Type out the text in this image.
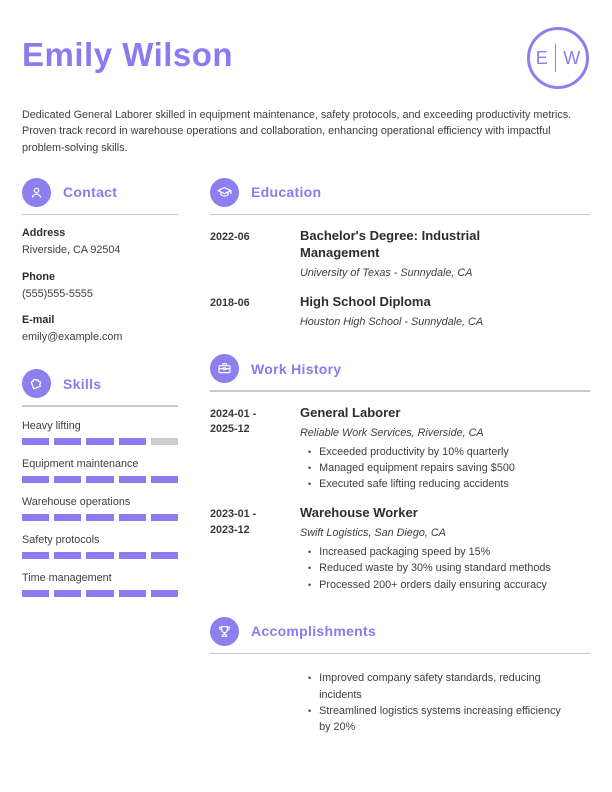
Emily Wilson	E W

Dedicated General Laborer skilled in equipment maintenance, safety protocols, and exceeding productivity metrics. Proven track record in warehouse operations and collaboration, enhancing operational efficiency with impactful problem-solving skills.

Contact
Address
Riverside, CA 92504
Phone
(555)555-5555
E-mail
emily@example.com
Skills
Heavy lifting
Equipment maintenance
Warehouse operations
Safety protocols
Time management
Education
2022-06	Bachelor's Degree: Industrial Management
University of Texas - Sunnydale, CA
2018-06	High School Diploma
Houston High School - Sunnydale, CA
Work History
2024-01 -
2025-12
General Laborer
Reliable Work Services, Riverside, CA
• Exceeded productivity by 10% quarterly
• Managed equipment repairs saving $500
• Executed safe lifting reducing accidents
2023-01 -
2023-12
Warehouse Worker
Swift Logistics, San Diego, CA
• Increased packaging speed by 15%
• Reduced waste by 30% using standard methods
• Processed 200+ orders daily ensuring accuracy
Accomplishments
• Improved company safety standards, reducing incidents
• Streamlined logistics systems increasing efficiency by 20%
